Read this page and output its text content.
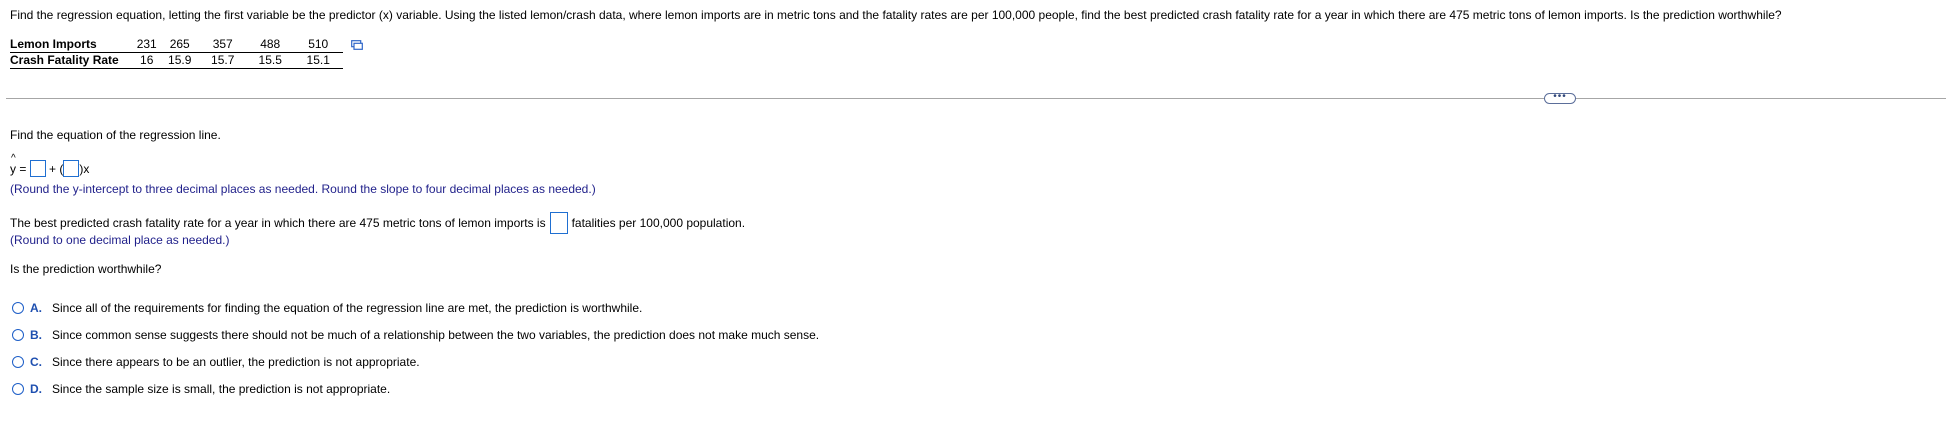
Find the regression equation, letting the first variable be the predictor (x) variable. Using the listed lemon/crash data, where lemon imports are in metric tons and the fatality rates are per 100,000 people, find the best predicted crash fatality rate for a year in which there are 475 metric tons of lemon imports. Is the prediction worthwhile?
Lemon Imports	231	265	357	488	510
Crash Fatality Rate	16	15.9	15.7	15.5	15.1
•••
Find the equation of the regression line.
^
y = + ( )x
(Round the y-intercept to three decimal places as needed. Round the slope to four decimal places as needed.)
The best predicted crash fatality rate for a year in which there are 475 metric tons of lemon imports is fatalities per 100,000 population.
(Round to one decimal place as needed.)
Is the prediction worthwhile?
A. Since all of the requirements for finding the equation of the regression line are met, the prediction is worthwhile.
B. Since common sense suggests there should not be much of a relationship between the two variables, the prediction does not make much sense.
C. Since there appears to be an outlier, the prediction is not appropriate.
D. Since the sample size is small, the prediction is not appropriate.
